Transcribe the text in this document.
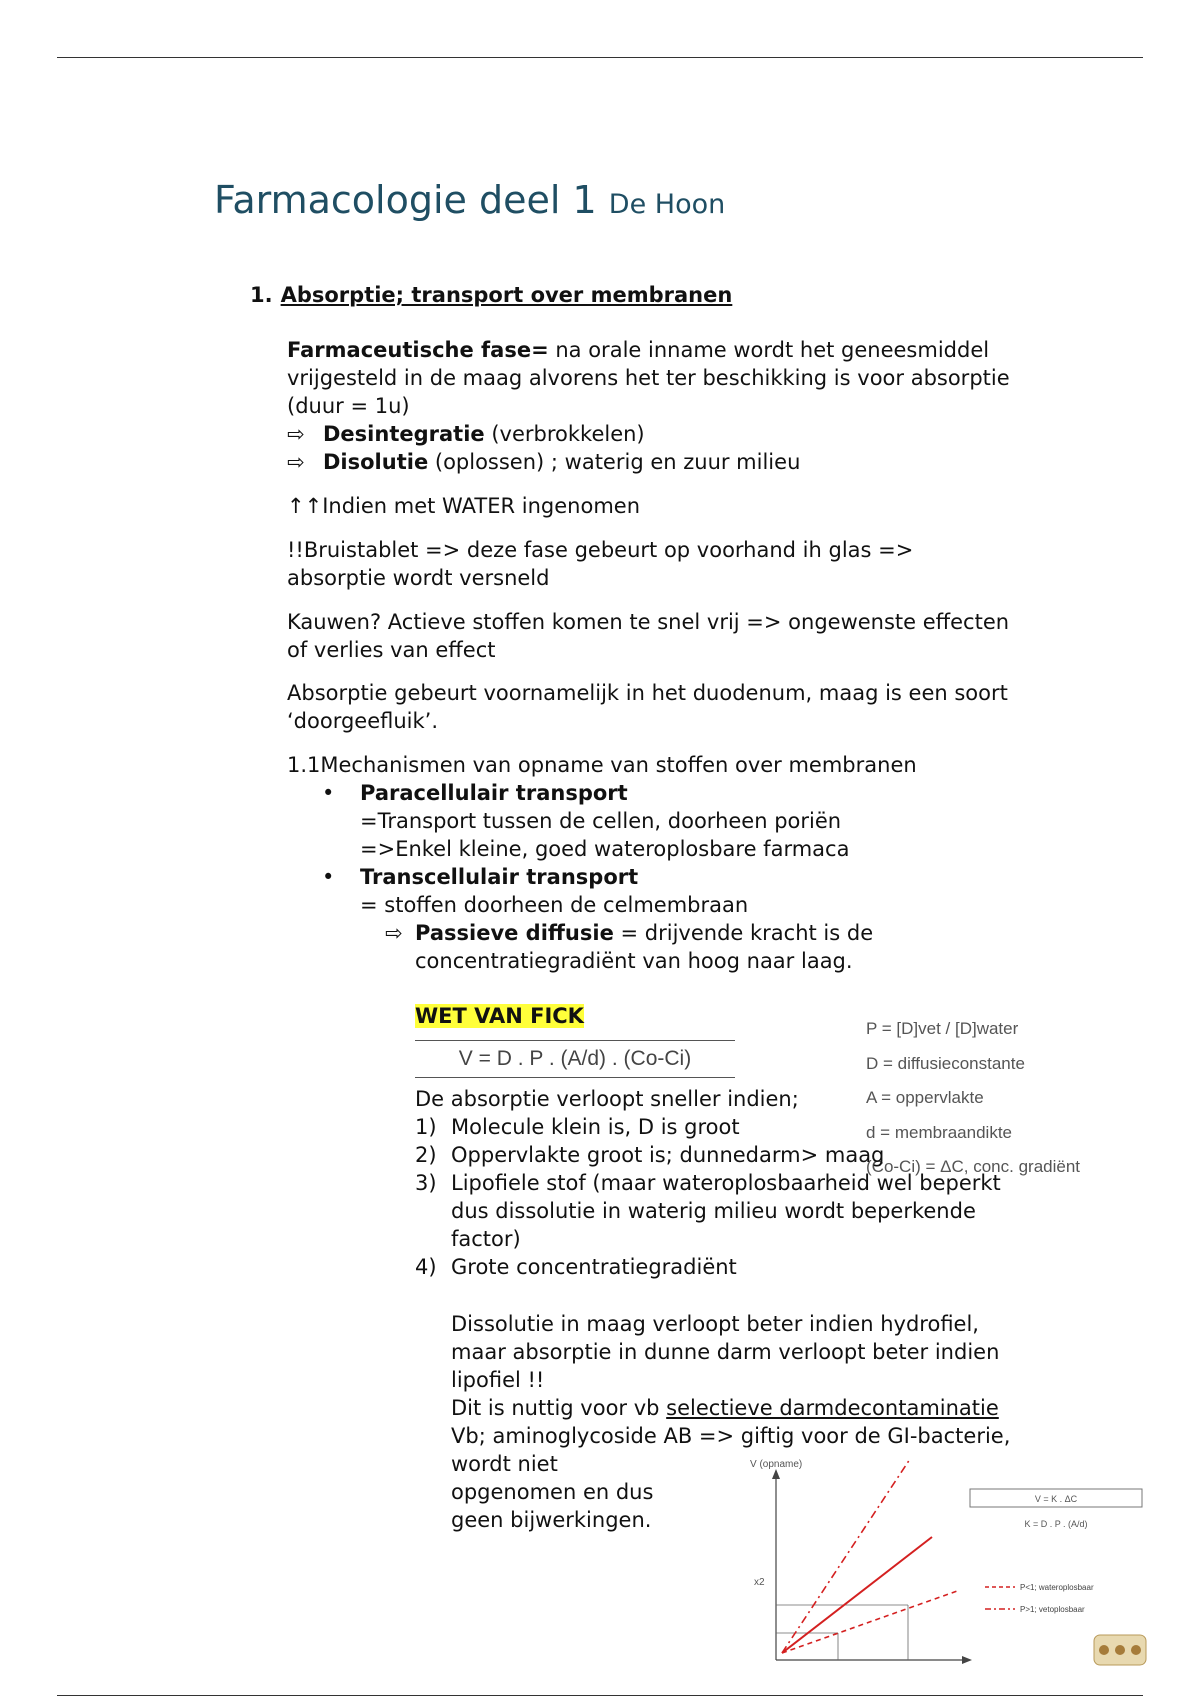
Farmacologie deel 1 De Hoon
1. Absorptie; transport over membranen
Farmaceutische fase= na orale inname wordt het geneesmiddel
vrijgesteld in de maag alvorens het ter beschikking is voor absorptie
(duur = 1u)
⇨ Desintegratie (verbrokkelen)
⇨ Disolutie (oplossen) ; waterig en zuur milieu
↑↑Indien met WATER ingenomen
!!Bruistablet => deze fase gebeurt op voorhand ih glas =>
absorptie wordt versneld
Kauwen? Actieve stoffen komen te snel vrij => ongewenste effecten
of verlies van effect
Absorptie gebeurt voornamelijk in het duodenum, maag is een soort
‘doorgeefluik’.
1.1Mechanismen van opname van stoffen over membranen
• Paracellulair transport
=Transport tussen de cellen, doorheen poriën
=>Enkel kleine, goed wateroplosbare farmaca
• Transcellulair transport
= stoffen doorheen de celmembraan
⇨ Passieve diffusie = drijvende kracht is de
concentratiegradiënt van hoog naar laag.
WET VAN FICK
V = D . P . (A/d) . (Co-Ci)
P = [D]vet / [D]water
D = diffusieconstante
A = oppervlakte
d = membraandikte
(Co-Ci) = ΔC, conc. gradiënt
De absorptie verloopt sneller indien;
1) Molecule klein is, D is groot
2) Oppervlakte groot is; dunnedarm> maag
3) Lipofiele stof (maar wateroplosbaarheid wel beperkt
dus dissolutie in waterig milieu wordt beperkende
factor)
4) Grote concentratiegradiënt
Dissolutie in maag verloopt beter indien hydrofiel,
maar absorptie in dunne darm verloopt beter indien
lipofiel !!
Dit is nuttig voor vb selectieve darmdecontaminatie
Vb; aminoglycoside AB => giftig voor de GI-bacterie,
wordt niet
opgenomen en dus
geen bijwerkingen.
V (opname)
x2
V = K . ΔC
K = D . P . (A/d)
P<1; wateroplosbaar
P>1; vetoplosbaar
